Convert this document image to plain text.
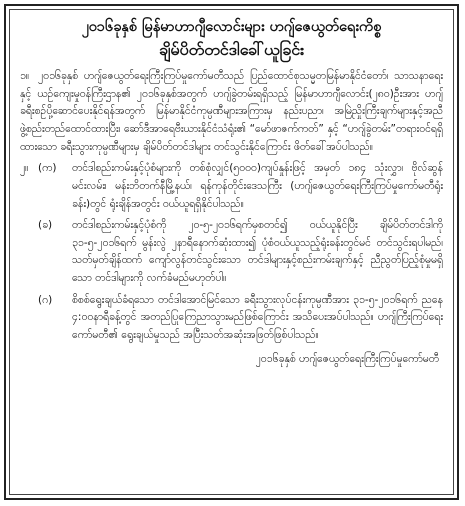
၂၀၁၆ခုနှစ် မြန်မာဟာဂျီလောင်းများ ဟဂျ်ဇေယွတ်ရေးကိစ္စ
ချိမ်ပိတ်တင်ဒါခေါ်ယူခြင်း
၁။ ၂၀၁၆ခုနှစ် ဟဂျ်ဇေယွတ်ရေးကြီးကြပ်မှုကော်မတီသည် ပြည်ထောင်စုသမ္မတမြန်မာနိုင်ငံတော်၊ သာသနာရေးနှင့် ယဉ်ကျေးမှုဝန်ကြီးဌာန၏ ၂၀၁၆ခုနှစ်အတွက် ဟဂျ်ခွဲတမ်းရရှိသည့် မြန်မာဟာဂျီလောင်း(၂၈၀)ဦးအား ဟဂျ်ခရီးစဉ်ပို့ဆောင်ပေးနိုင်ရန်အတွက် မြန်မာနိုင်ငံကုမ္ပဏီများအကြားမှ နည်းပညာ၊ အမြဲညှိုးကြီးချက်များနှင့်အညီ ဖွဲ့စည်းတည်ထောင်ထားပြီး၊ ဆော်ဒီအာရေဗီးယားနိုင်ငံသံရုံး၏ “မော်ဖာဇက်ကတ်” နှင့် “ဟဂျ်ခွဲတမ်း”တရားဝင်ရရှိထားသော ခရီးသွားကုမ္ပဏီများမှ ချိမ်ပိတ်တင်ဒါများ တင်သွင်းနိုင်ကြောင်း ဖိတ်ခေါ်အပ်ပါသည်။
၂။ (က)	တင်ဒါစည်းကမ်းနှင့်ပုံစံများကို တစ်စုံလျှင်(၅၀၀၀)ကျပ်နှုန်းဖြင့် အမှတ် ၁၈၄ သုံးလွှာ၊ ဗိုလ်ဆွန်မင်းလမ်း၊ မန်းဘိတက်နီမြို့နယ်၊ ရန်ကုန်တိုင်းဒေသကြီး (ဟဂျ်ဇေယွတ်ရေးကြီးကြပ်မှုကော်မတီရုံးခန်း)တွင် ရုံးချိန်အတွင်း ဝယ်ယူရရှိနိုင်ပါသည်။
(ခ)	တင်ဒါစည်းကမ်းနှင့်ပုံစံကို ၂၀-၅-၂၀၁၆ရက်မှစတင်၍ ဝယ်ယူနိုင်ပြီး ချိမ်ပိတ်တင်ဒါကို ၃၁-၅-၂၀၁၆ရက် မွန်းလွဲ ၂နာရီနောက်ဆုံးထား၍ ပုံစံဝယ်ယူသည့်ရုံးခန်းတွင်မင် တင်သွင်းရပါမည်၊ သတ်မှတ်ချိန်ထက် ကျော်လွန်တင်သွင်းသော တင်ဒါများနှင့်စည်းကမ်းချက်နှင့် ညီညွတ်ပြည့်စုံမှုမရှိသော တင်ဒါများကို လက်ခံမည်မဟုတ်ပါ။
(ဂ)	စိစစ်ရွေးချယ်ခံရသော တင်ဒါအောင်မြင်သော ခရီးသွားလုပ်ငန်းကုမ္ပဏီအား ၃၁-၅-၂၀၁၆ရက် ညနေ ၄:၀၀နာရီခန့်တွင် အတည်ပြုကြေညာသွားမည်ဖြစ်ကြောင်း အသိပေးအပ်ပါသည်။ ဟဂျ်ကြီးကြပ်ရေးကော်မတီ၏ ရွေးချယ်မှုသည် အပြီးသတ်အဆုံးအဖြတ်ဖြစ်ပါသည်။
၂၀၁၆ခုနှစ် ဟဂျ်ဇေယွတ်ရေးကြီးကြပ်မှုကော်မတီ
